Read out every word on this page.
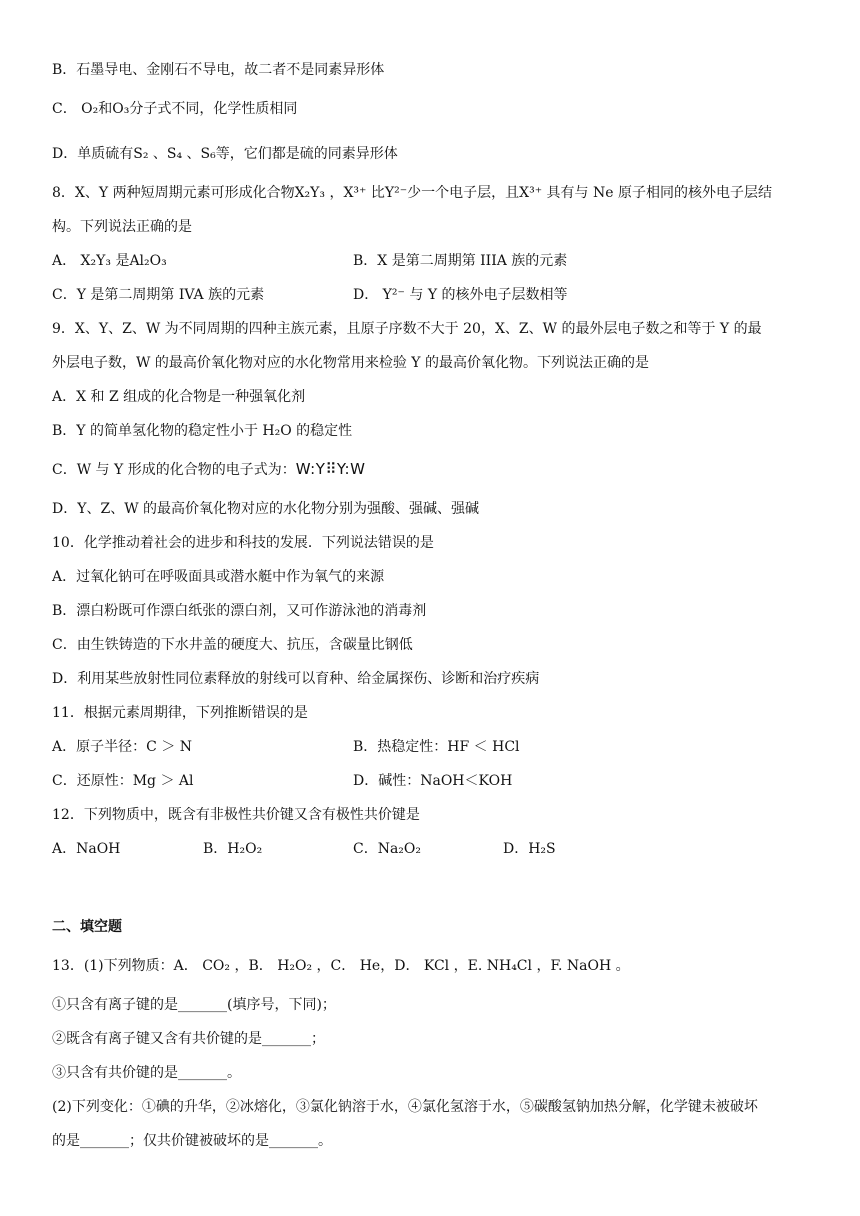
B．石墨导电、金刚石不导电，故二者不是同素异形体
C． O₂和O₃分子式不同，化学性质相同
D．单质硫有S₂ 、S₄ 、S₆等，它们都是硫的同素异形体
8．X、Y 两种短周期元素可形成化合物X₂Y₃ ，X³⁺ 比Y²⁻少一个电子层，且X³⁺ 具有与 Ne 原子相同的核外电子层结
构。下列说法正确的是
A． X₂Y₃ 是Al₂O₃	B．X 是第二周期第 IIIA 族的元素
C．Y 是第二周期第 IVA 族的元素	D． Y²⁻ 与 Y 的核外电子层数相等
9．X、Y、Z、W 为不同周期的四种主族元素，且原子序数不大于 20，X、Z、W 的最外层电子数之和等于 Y 的最
外层电子数，W 的最高价氧化物对应的水化物常用来检验 Y 的最高价氧化物。下列说法正确的是
A．X 和 Z 组成的化合物是一种强氧化剂
B．Y 的简单氢化物的稳定性小于 H₂O 的稳定性
C．W 与 Y 形成的化合物的电子式为：W:Y⠿Y:W
D．Y、Z、W 的最高价氧化物对应的水化物分别为强酸、强碱、强碱
10．化学推动着社会的进步和科技的发展．下列说法错误的是
A．过氧化钠可在呼吸面具或潜水艇中作为氧气的来源
B．漂白粉既可作漂白纸张的漂白剂，又可作游泳池的消毒剂
C．由生铁铸造的下水井盖的硬度大、抗压，含碳量比钢低
D．利用某些放射性同位素释放的射线可以育种、给金属探伤、诊断和治疗疾病
11．根据元素周期律，下列推断错误的是
A．原子半径：C ＞ N	B．热稳定性：HF ＜ HCl
C．还原性：Mg ＞ Al	D．碱性：NaOH＜KOH
12．下列物质中，既含有非极性共价键又含有极性共价键是
A．NaOH	B．H₂O₂	C．Na₂O₂	D．H₂S
二、填空题
13．(1)下列物质：A． CO₂ ，B． H₂O₂ ，C． He，D． KCl ，E. NH₄Cl ，F. NaOH 。
①只含有离子键的是_______(填序号，下同)；
②既含有离子键又含有共价键的是_______；
③只含有共价键的是_______。
(2)下列变化：①碘的升华，②冰熔化，③氯化钠溶于水，④氯化氢溶于水，⑤碳酸氢钠加热分解，化学键未被破坏
的是_______；仅共价键被破坏的是_______。
